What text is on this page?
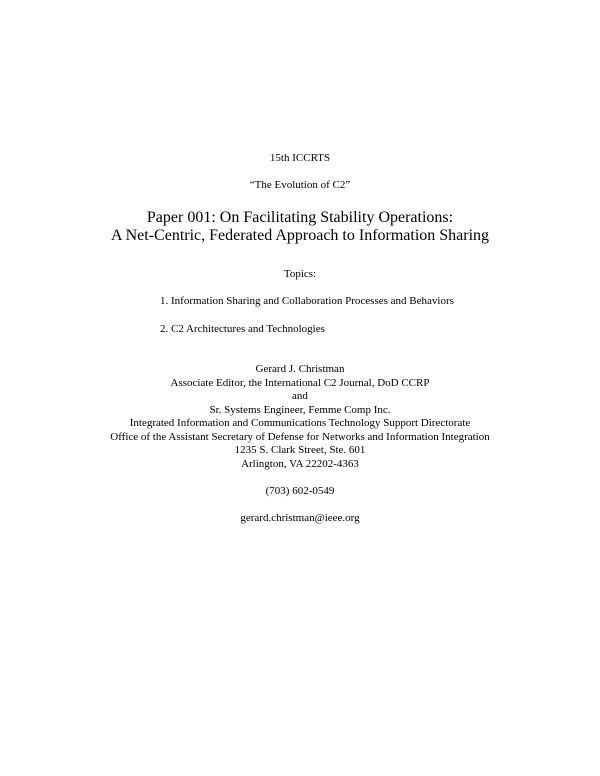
15th ICCRTS
“The Evolution of C2”
Paper 001: On Facilitating Stability Operations:
A Net-Centric, Federated Approach to Information Sharing
Topics:
1. Information Sharing and Collaboration Processes and Behaviors
2. C2 Architectures and Technologies
Gerard J. Christman
Associate Editor, the International C2 Journal, DoD CCRP
and
Sr. Systems Engineer, Femme Comp Inc.
Integrated Information and Communications Technology Support Directorate
Office of the Assistant Secretary of Defense for Networks and Information Integration
1235 S. Clark Street, Ste. 601
Arlington, VA 22202-4363
(703) 602-0549
gerard.christman@ieee.org
